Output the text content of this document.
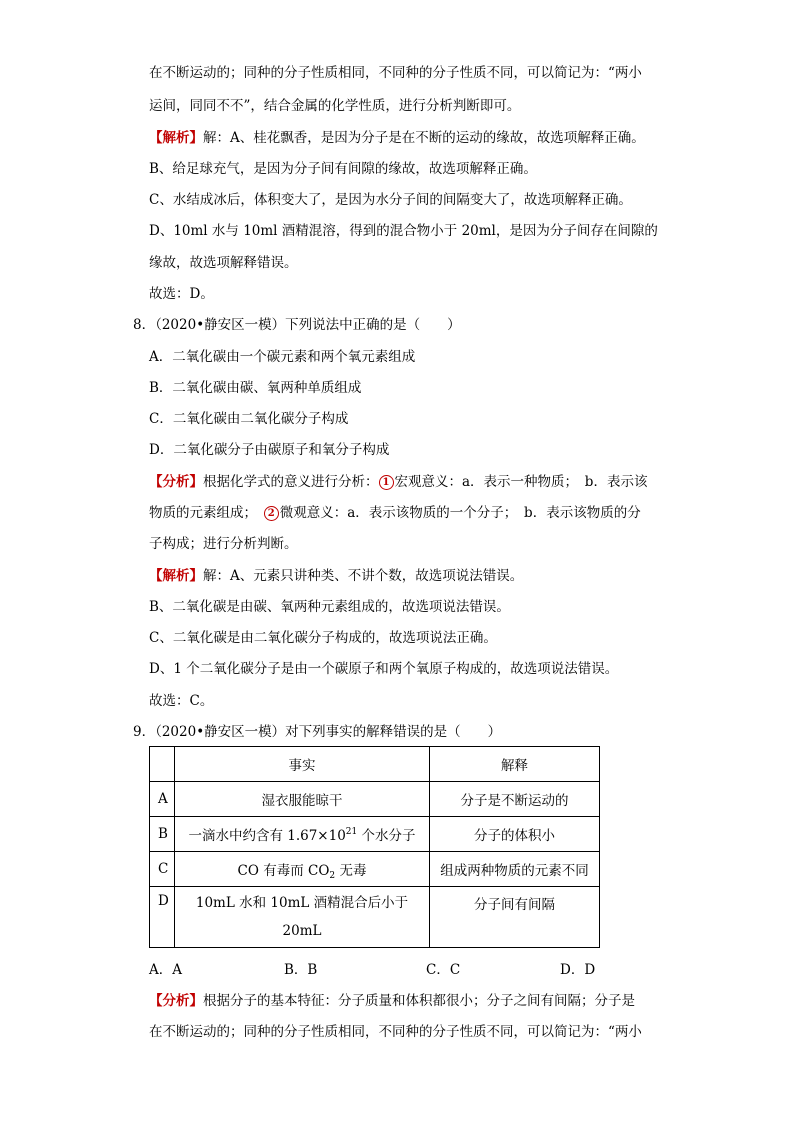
在不断运动的；同种的分子性质相同，不同种的分子性质不同，可以简记为：“两小
运间，同同不不”，结合金属的化学性质，进行分析判断即可。
【解析】解：A、桂花飘香，是因为分子是在不断的运动的缘故，故选项解释正确。
B、给足球充气，是因为分子间有间隙的缘故，故选项解释正确。
C、水结成冰后，体积变大了，是因为水分子间的间隔变大了，故选项解释正确。
D、10ml 水与 10ml 酒精混溶，得到的混合物小于 20ml，是因为分子间存在间隙的
缘故，故选项解释错误。
故选：D。
8．（2020•静安区一模）下列说法中正确的是（　　）
A．二氧化碳由一个碳元素和两个氧元素组成
B．二氧化碳由碳、氧两种单质组成
C．二氧化碳由二氧化碳分子构成
D．二氧化碳分子由碳原子和氧分子构成
【分析】根据化学式的意义进行分析： 1 宏观意义：a．表示一种物质；　b．表示该
物质的元素组成；　2 微观意义：a．表示该物质的一个分子；　b．表示该物质的分
子构成；进行分析判断。
【解析】解：A、元素只讲种类、不讲个数，故选项说法错误。
B、二氧化碳是由碳、氧两种元素组成的，故选项说法错误。
C、二氧化碳是由二氧化碳分子构成的，故选项说法正确。
D、1 个二氧化碳分子是由一个碳原子和两个氧原子构成的，故选项说法错误。
故选：C。
9．（2020•静安区一模）对下列事实的解释错误的是（　　）
	事实	解释
A	湿衣服能晾干	分子是不断运动的
B	一滴水中约含有 $1.67\times 10^{21}$ 个水分子	分子的体积小
C	CO 有毒而 $CO_2$ 无毒	组成两种物质的元素不同
D	10mL 水和 10mL 酒精混合后小于
20mL	分子间有间隔
A．A	B．B	C．C	D．D
【分析】根据分子的基本特征：分子质量和体积都很小；分子之间有间隔；分子是
在不断运动的；同种的分子性质相同，不同种的分子性质不同，可以简记为：“两小
